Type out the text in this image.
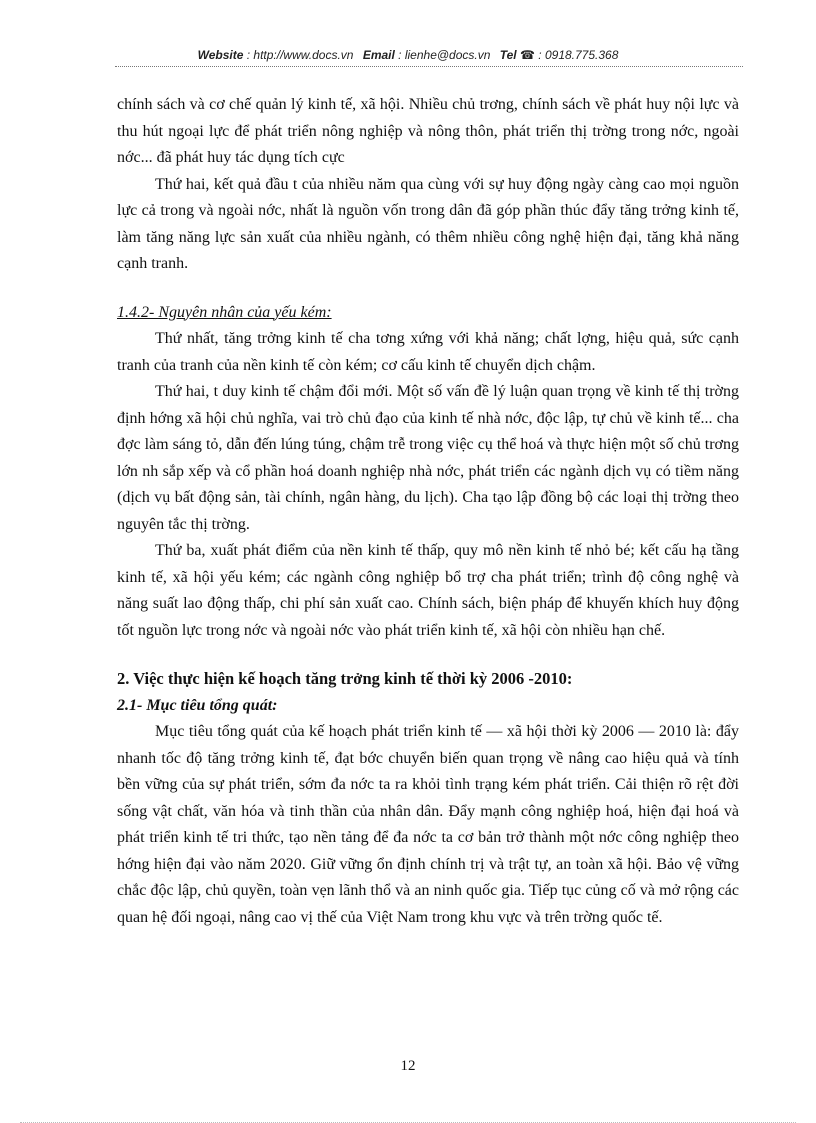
Website : http://www.docs.vn Email : lienhe@docs.vn Tel ☎ : 0918.775.368

chính sách và cơ chế quản lý kinh tế, xã hội. Nhiều chủ trơng, chính sách về phát huy nội lực và thu hút ngoại lực để phát triển nông nghiệp và nông thôn, phát triển thị trờng trong nớc, ngoài nớc... đã phát huy tác dụng tích cực

Thứ hai, kết quả đầu t của nhiều năm qua cùng với sự huy động ngày càng cao mọi nguồn lực cả trong và ngoài nớc, nhất là nguồn vốn trong dân đã góp phần thúc đẩy tăng trởng kinh tế, làm tăng năng lực sản xuất của nhiều ngành, có thêm nhiều công nghệ hiện đại, tăng khả năng cạnh tranh.

1.4.2- Nguyên nhân của yếu kém:

Thứ nhất, tăng trởng kinh tế cha tơng xứng với khả năng; chất lợng, hiệu quả, sức cạnh tranh của tranh của nền kinh tế còn kém; cơ cấu kinh tế chuyển dịch chậm.

Thứ hai, t duy kinh tế chậm đổi mới. Một số vấn đề lý luận quan trọng về kinh tế thị trờng định hớng xã hội chủ nghĩa, vai trò chủ đạo của kinh tế nhà nớc, độc lập, tự chủ về kinh tế... cha đợc làm sáng tỏ, dẫn đến lúng túng, chậm trễ trong việc cụ thể hoá và thực hiện một số chủ trơng lớn nh sắp xếp và cổ phần hoá doanh nghiệp nhà nớc, phát triển các ngành dịch vụ có tiềm năng (dịch vụ bất động sản, tài chính, ngân hàng, du lịch). Cha tạo lập đồng bộ các loại thị trờng theo nguyên tắc thị trờng.

Thứ ba, xuất phát điểm của nền kinh tế thấp, quy mô nền kinh tế nhỏ bé; kết cấu hạ tầng kinh tế, xã hội yếu kém; các ngành công nghiệp bổ trợ cha phát triển; trình độ công nghệ và năng suất lao động thấp, chi phí sản xuất cao. Chính sách, biện pháp để khuyến khích huy động tốt nguồn lực trong nớc và ngoài nớc vào phát triển kinh tế, xã hội còn nhiều hạn chế.

2. Việc thực hiện kế hoạch tăng trởng kinh tế thời kỳ 2006 -2010:

2.1- Mục tiêu tổng quát:

Mục tiêu tổng quát của kế hoạch phát triển kinh tế — xã hội thời kỳ 2006 — 2010 là: đẩy nhanh tốc độ tăng trởng kinh tế, đạt bớc chuyển biến quan trọng về nâng cao hiệu quả và tính bền vững của sự phát triển, sớm đa nớc ta ra khỏi tình trạng kém phát triển. Cải thiện rõ rệt đời sống vật chất, văn hóa và tinh thần của nhân dân. Đẩy mạnh công nghiệp hoá, hiện đại hoá và phát triển kinh tế tri thức, tạo nền tảng để đa nớc ta cơ bản trở thành một nớc công nghiệp theo hớng hiện đại vào năm 2020. Giữ vững ổn định chính trị và trật tự, an toàn xã hội. Bảo vệ vững chắc độc lập, chủ quyền, toàn vẹn lãnh thổ và an ninh quốc gia. Tiếp tục củng cố và mở rộng các quan hệ đối ngoại, nâng cao vị thế của Việt Nam trong khu vực và trên trờng quốc tế.

12
